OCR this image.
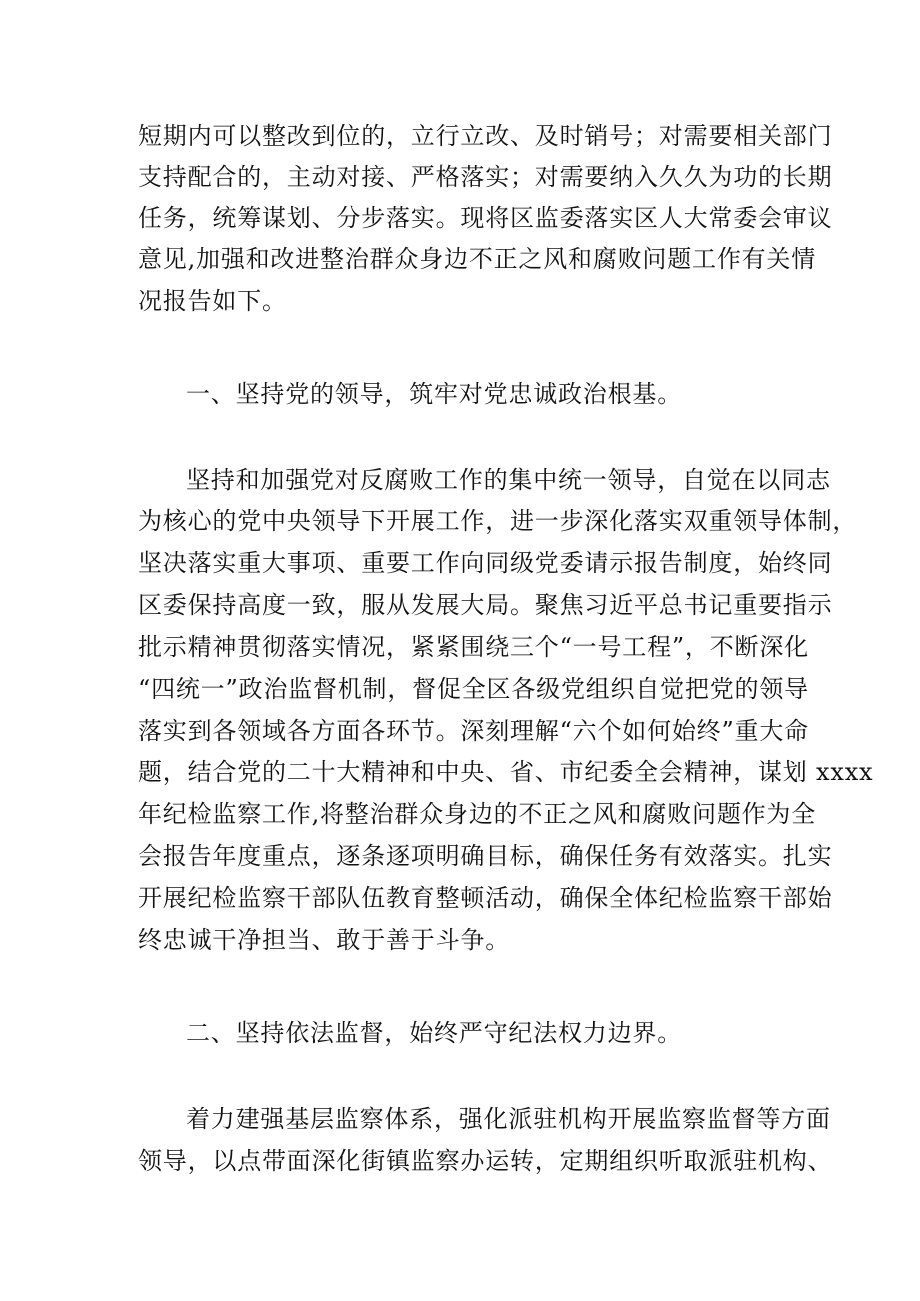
短期内可以整改到位的，立行立改、及时销号；对需要相关部门
支持配合的，主动对接、严格落实；对需要纳入久久为功的长期
任务，统筹谋划、分步落实。现将区监委落实区人大常委会审议
意见,加强和改进整治群众身边不正之风和腐败问题工作有关情
况报告如下。
一、坚持党的领导，筑牢对党忠诚政治根基。
坚持和加强党对反腐败工作的集中统一领导，自觉在以同志
为核心的党中央领导下开展工作，进一步深化落实双重领导体制，
坚决落实重大事项、重要工作向同级党委请示报告制度，始终同
区委保持高度一致，服从发展大局。聚焦习近平总书记重要指示
批示精神贯彻落实情况，紧紧围绕三个“一号工程”，不断深化
“四统一”政治监督机制，督促全区各级党组织自觉把党的领导
落实到各领域各方面各环节。深刻理解“六个如何始终”重大命
题，结合党的二十大精神和中央、省、市纪委全会精神，谋划 xxxx
年纪检监察工作,将整治群众身边的不正之风和腐败问题作为全
会报告年度重点，逐条逐项明确目标，确保任务有效落实。扎实
开展纪检监察干部队伍教育整顿活动，确保全体纪检监察干部始
终忠诚干净担当、敢于善于斗争。
二、坚持依法监督，始终严守纪法权力边界。
着力建强基层监察体系，强化派驻机构开展监察监督等方面
领导，以点带面深化街镇监察办运转，定期组织听取派驻机构、
